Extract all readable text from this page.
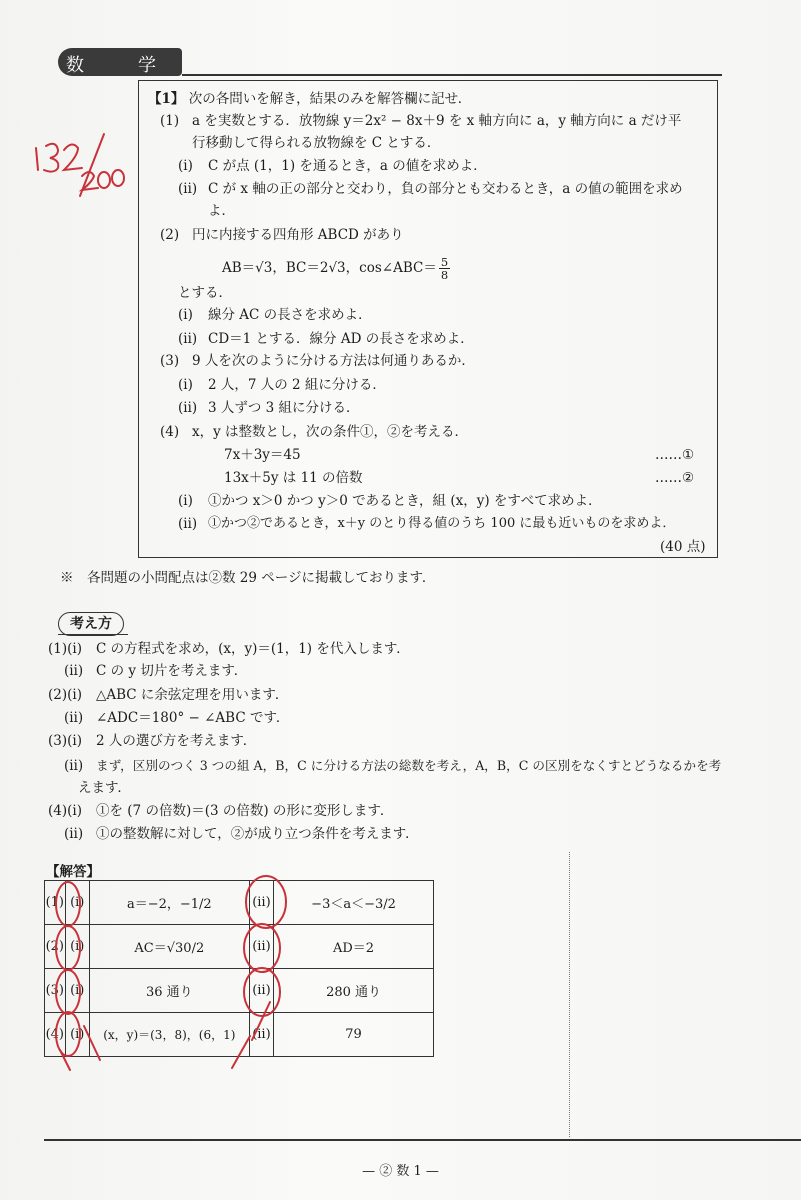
数　学
【1】 次の各問いを解き，結果のみを解答欄に記せ．
(1) a を実数とする．放物線 y＝2x² − 8x＋9 を x 軸方向に a，y 軸方向に a だけ平
行移動して得られる放物線を C とする．
(ⅰ) C が点 (1，1) を通るとき，a の値を求めよ．
(ⅱ) C が x 軸の正の部分と交わり，負の部分とも交わるとき，a の値の範囲を求め
よ．
(2) 円に内接する四角形 ABCD があり
AB＝√3，BC＝2√3，cos∠ABC＝ $\frac{5}{8}$
とする．
(ⅰ) 線分 AC の長さを求めよ．
(ⅱ) CD＝1 とする．線分 AD の長さを求めよ．
(3) 9 人を次のように分ける方法は何通りあるか．
(ⅰ) 2 人，7 人の 2 組に分ける．
(ⅱ) 3 人ずつ 3 組に分ける．
(4) x，y は整数とし，次の条件①，②を考える．
7x＋3y＝45	……①
13x＋5y は 11 の倍数	……②
(ⅰ) ①かつ x＞0 かつ y＞0 であるとき，組 (x，y) をすべて求めよ．
(ⅱ) ①かつ②であるとき，x＋y のとり得る値のうち 100 に最も近いものを求めよ．
(40 点)
※　各問題の小問配点は②数 29 ページに掲載しております．
考え方
(1)(ⅰ) C の方程式を求め，(x，y)＝(1，1) を代入します．
(ⅱ) C の y 切片を考えます．
(2)(ⅰ) △ABC に余弦定理を用います．
(ⅱ) ∠ADC＝180° − ∠ABC です．
(3)(ⅰ) 2 人の選び方を考えます．
(ⅱ) まず，区別のつく 3 つの組 A，B，C に分ける方法の総数を考え，A，B，C の区別をなくすとどうなるかを考
えます．
(4)(ⅰ) ①を (7 の倍数)＝(3 の倍数) の形に変形します．
(ⅱ) ①の整数解に対して，②が成り立つ条件を考えます．
【解答】
(1)	(ⅰ)	a＝−2，−1/2	(ⅱ)	−3＜a＜−3/2
(2)	(ⅰ)	AC＝√30/2	(ⅱ)	AD＝2
(3)	(ⅰ)	36 通り	(ⅱ)	280 通り
(4)	(ⅰ)	(x，y)＝(3，8)，(6，1)	(ⅱ)	79
— ② 数 1 —
